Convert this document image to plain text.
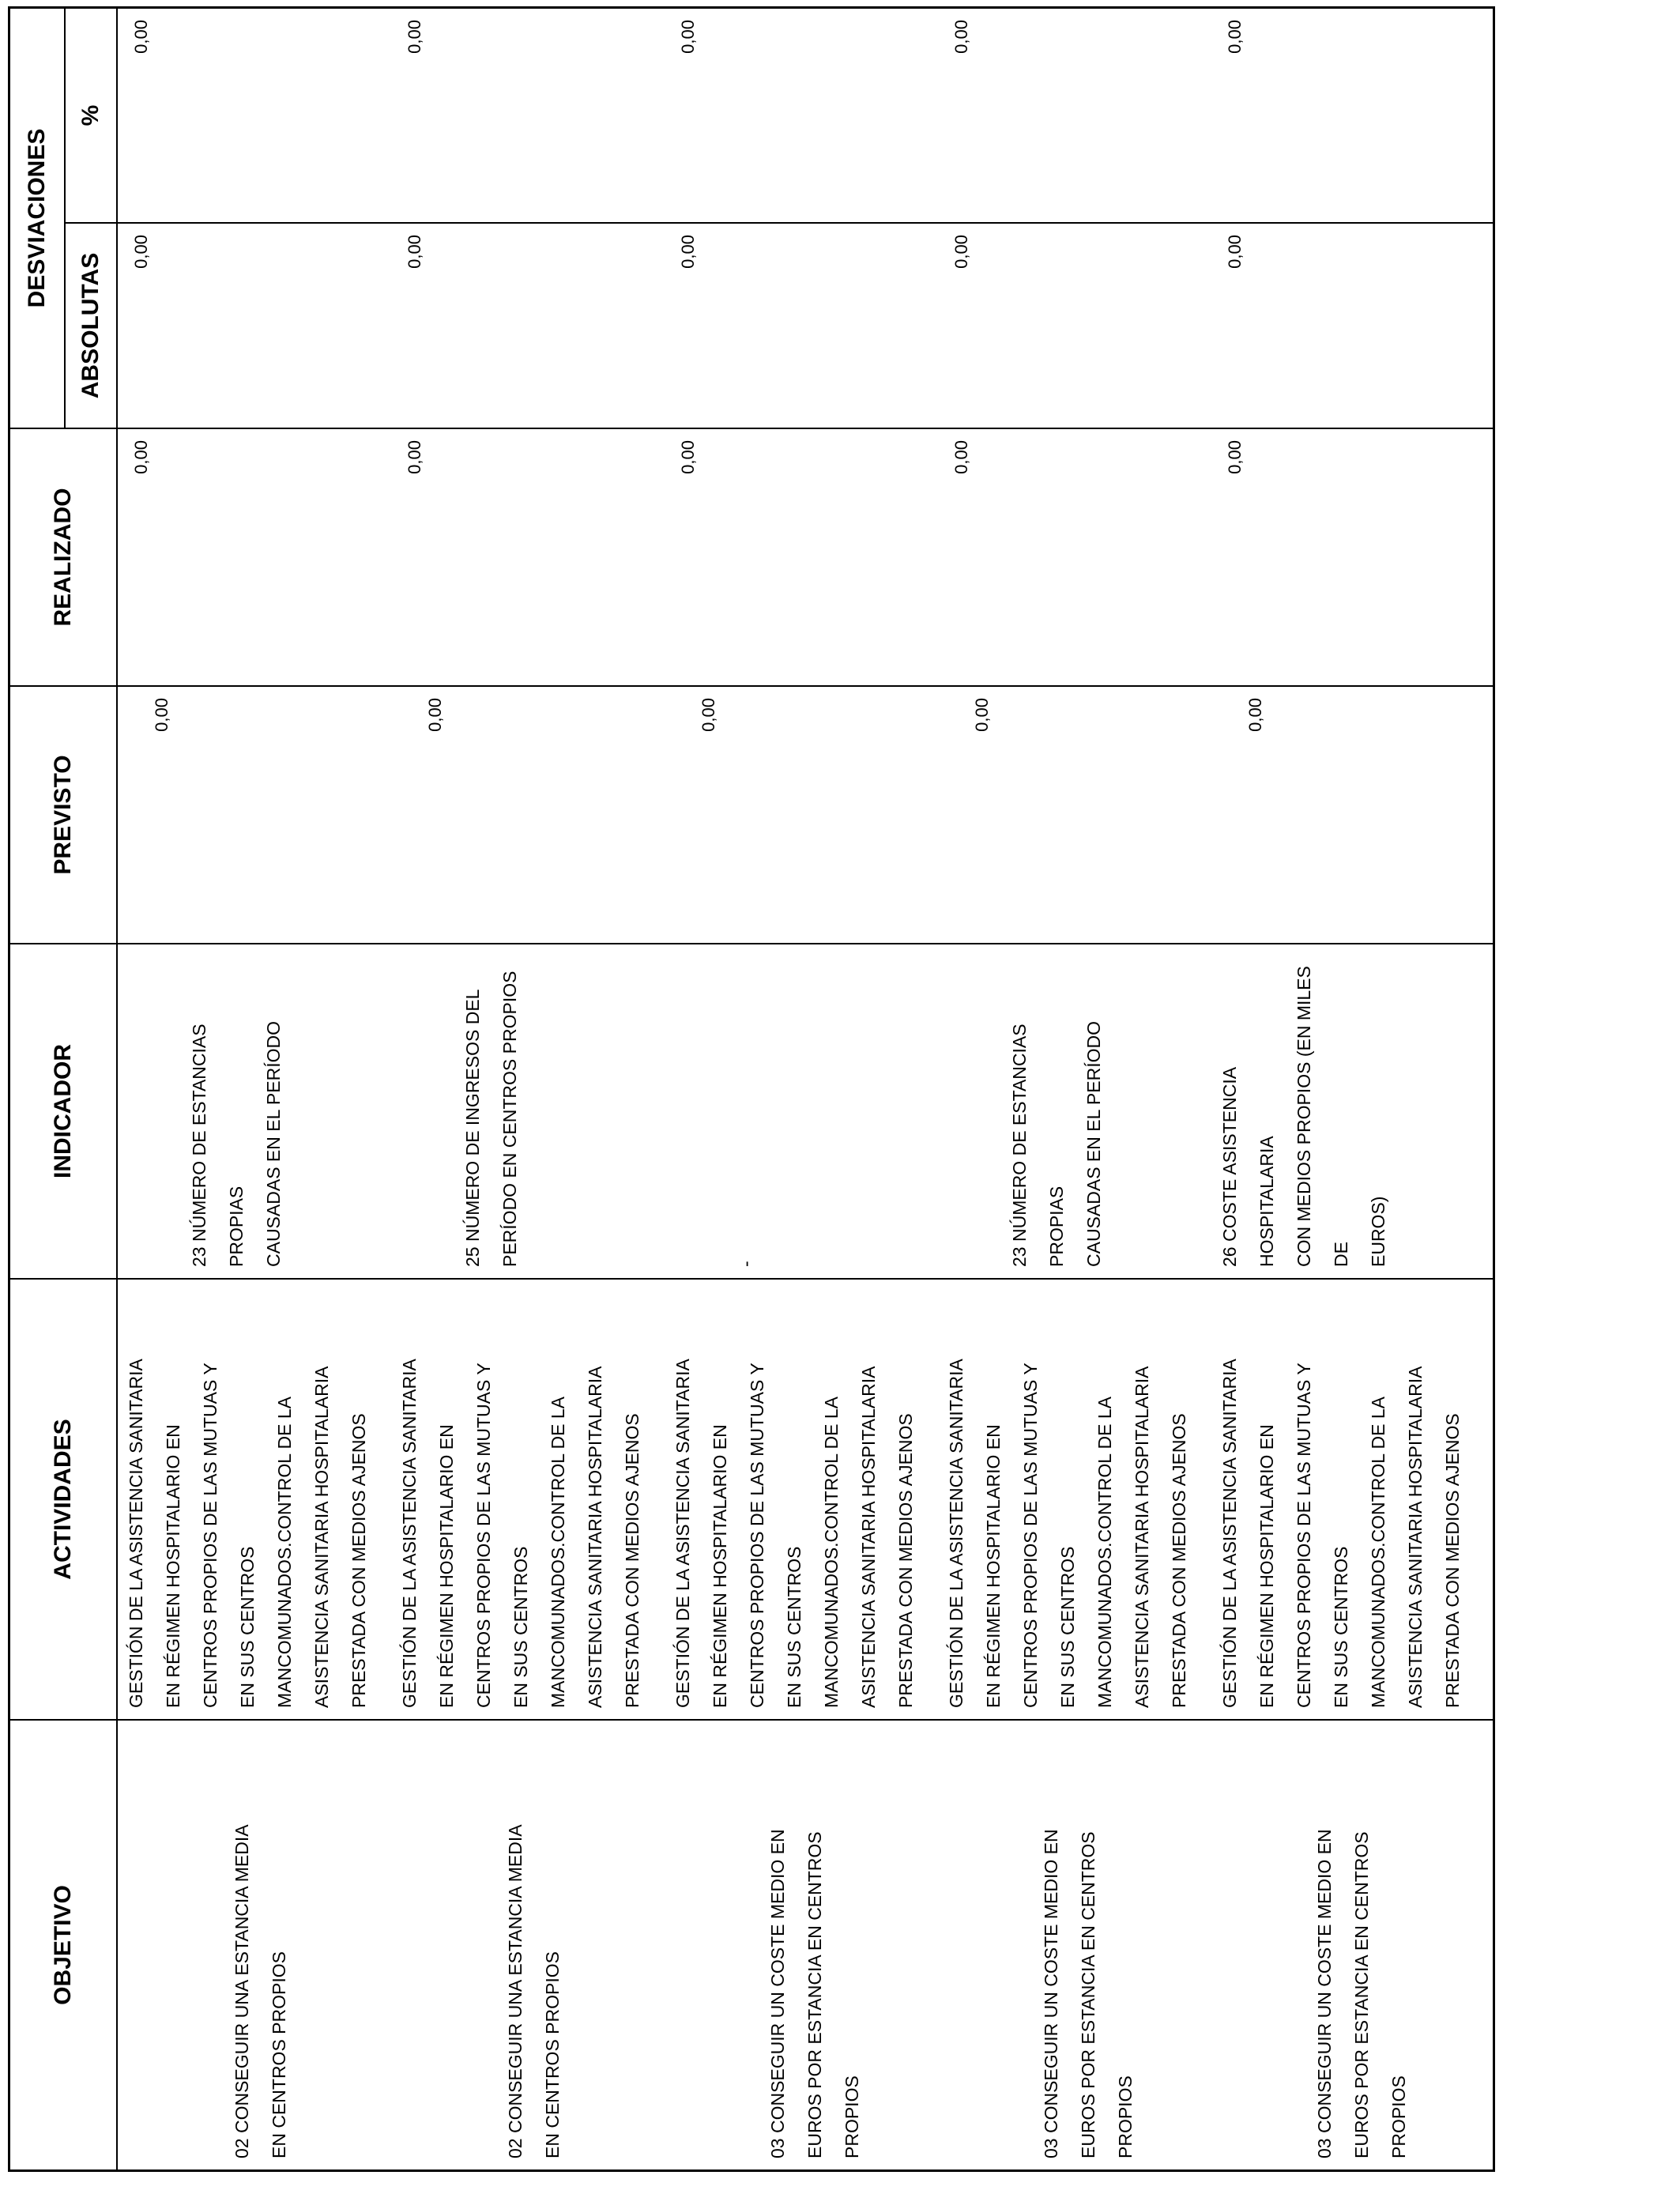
OBJETIVO
ACTIVIDADES
INDICADOR
PREVISTO
REALIZADO
DESVIACIONES
ABSOLUTAS
%
02 CONSEGUIR UNA ESTANCIA MEDIA
EN CENTROS PROPIOS
GESTIÓN DE LA ASISTENCIA SANITARIA
EN RÉGIMEN HOSPITALARIO EN
CENTROS PROPIOS DE LAS MUTUAS Y
EN SUS CENTROS
MANCOMUNADOS.CONTROL DE LA
ASISTENCIA SANITARIA HOSPITALARIA
PRESTADA CON MEDIOS AJENOS
23 NÚMERO DE ESTANCIAS PROPIAS
CAUSADAS EN EL PERÍODO
0,00
0,00
0,00
0,00
02 CONSEGUIR UNA ESTANCIA MEDIA
EN CENTROS PROPIOS
GESTIÓN DE LA ASISTENCIA SANITARIA
EN RÉGIMEN HOSPITALARIO EN
CENTROS PROPIOS DE LAS MUTUAS Y
EN SUS CENTROS
MANCOMUNADOS.CONTROL DE LA
ASISTENCIA SANITARIA HOSPITALARIA
PRESTADA CON MEDIOS AJENOS
25 NÚMERO DE INGRESOS DEL
PERÍODO EN CENTROS PROPIOS
0,00
0,00
0,00
0,00
03 CONSEGUIR UN COSTE MEDIO EN
EUROS POR ESTANCIA EN CENTROS
PROPIOS
GESTIÓN DE LA ASISTENCIA SANITARIA
EN RÉGIMEN HOSPITALARIO EN
CENTROS PROPIOS DE LAS MUTUAS Y
EN SUS CENTROS
MANCOMUNADOS.CONTROL DE LA
ASISTENCIA SANITARIA HOSPITALARIA
PRESTADA CON MEDIOS AJENOS
-
0,00
0,00
0,00
0,00
03 CONSEGUIR UN COSTE MEDIO EN
EUROS POR ESTANCIA EN CENTROS
PROPIOS
GESTIÓN DE LA ASISTENCIA SANITARIA
EN RÉGIMEN HOSPITALARIO EN
CENTROS PROPIOS DE LAS MUTUAS Y
EN SUS CENTROS
MANCOMUNADOS.CONTROL DE LA
ASISTENCIA SANITARIA HOSPITALARIA
PRESTADA CON MEDIOS AJENOS
23 NÚMERO DE ESTANCIAS PROPIAS
CAUSADAS EN EL PERÍODO
0,00
0,00
0,00
0,00
03 CONSEGUIR UN COSTE MEDIO EN
EUROS POR ESTANCIA EN CENTROS
PROPIOS
GESTIÓN DE LA ASISTENCIA SANITARIA
EN RÉGIMEN HOSPITALARIO EN
CENTROS PROPIOS DE LAS MUTUAS Y
EN SUS CENTROS
MANCOMUNADOS.CONTROL DE LA
ASISTENCIA SANITARIA HOSPITALARIA
PRESTADA CON MEDIOS AJENOS
26 COSTE ASISTENCIA HOSPITALARIA
CON MEDIOS PROPIOS (EN MILES DE
EUROS)
0,00
0,00
0,00
0,00
